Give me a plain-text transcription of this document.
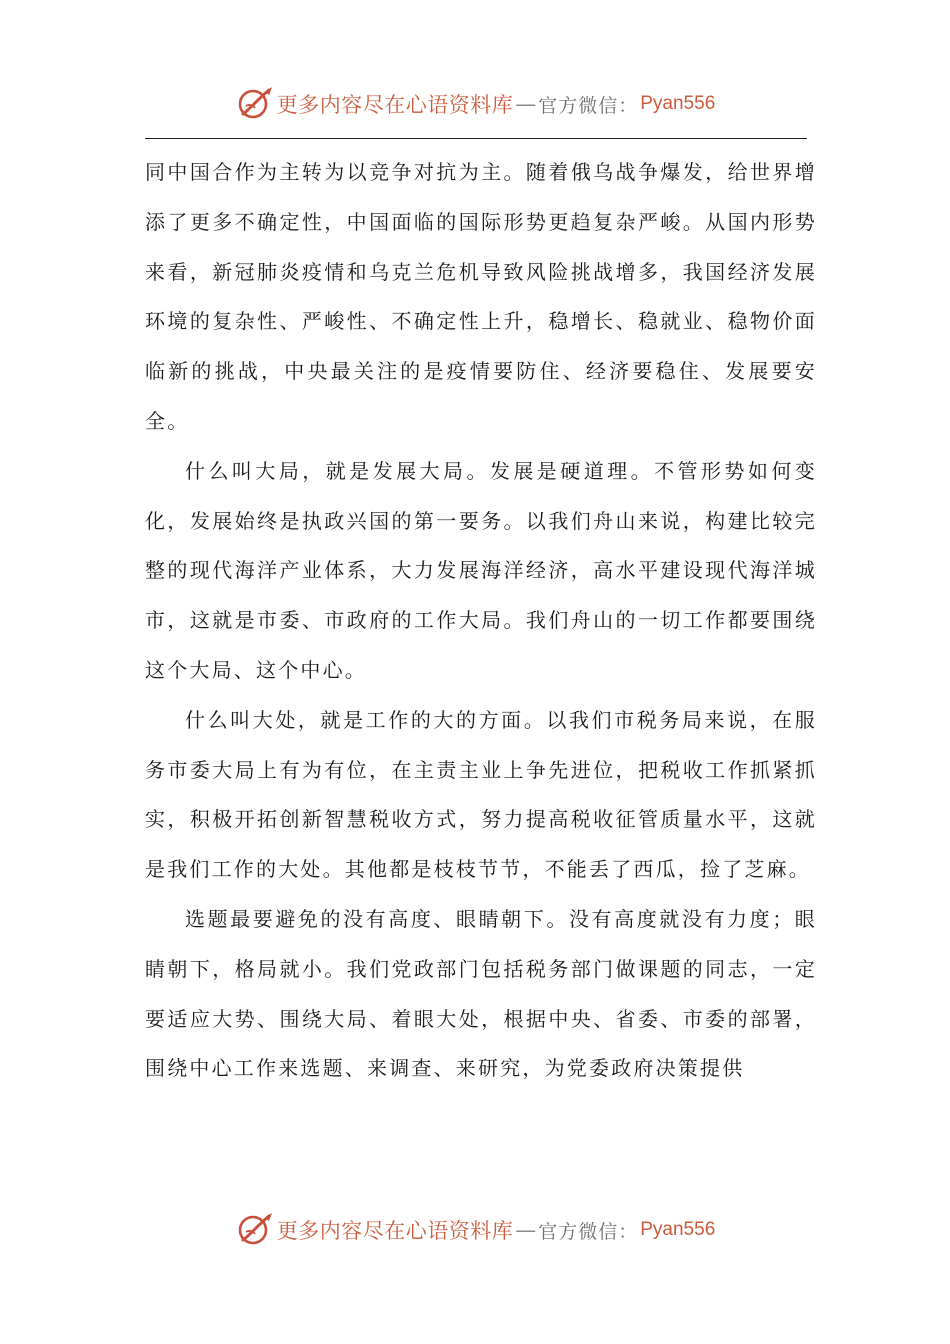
更多内容尽在心语资料库 — 官方微信： Pyan556

同中国合作为主转为以竞争对抗为主。随着俄乌战争爆发，给世界增添了更多不确定性，中国面临的国际形势更趋复杂严峻。从国内形势来看，新冠肺炎疫情和乌克兰危机导致风险挑战增多，我国经济发展环境的复杂性、严峻性、不确定性上升，稳增长、稳就业、稳物价面临新的挑战，中央最关注的是疫情要防住、经济要稳住、发展要安全。

什么叫大局，就是发展大局。发展是硬道理。不管形势如何变化，发展始终是执政兴国的第一要务。以我们舟山来说，构建比较完整的现代海洋产业体系，大力发展海洋经济，高水平建设现代海洋城市，这就是市委、市政府的工作大局。我们舟山的一切工作都要围绕这个大局、这个中心。

什么叫大处，就是工作的大的方面。以我们市税务局来说，在服务市委大局上有为有位，在主责主业上争先进位，把税收工作抓紧抓实，积极开拓创新智慧税收方式，努力提高税收征管质量水平，这就是我们工作的大处。其他都是枝枝节节，不能丢了西瓜，捡了芝麻。

选题最要避免的没有高度、眼睛朝下。没有高度就没有力度；眼睛朝下，格局就小。我们党政部门包括税务部门做课题的同志，一定要适应大势、围绕大局、着眼大处，根据中央、省委、市委的部署，围绕中心工作来选题、来调查、来研究，为党委政府决策提供

更多内容尽在心语资料库 — 官方微信： Pyan556
